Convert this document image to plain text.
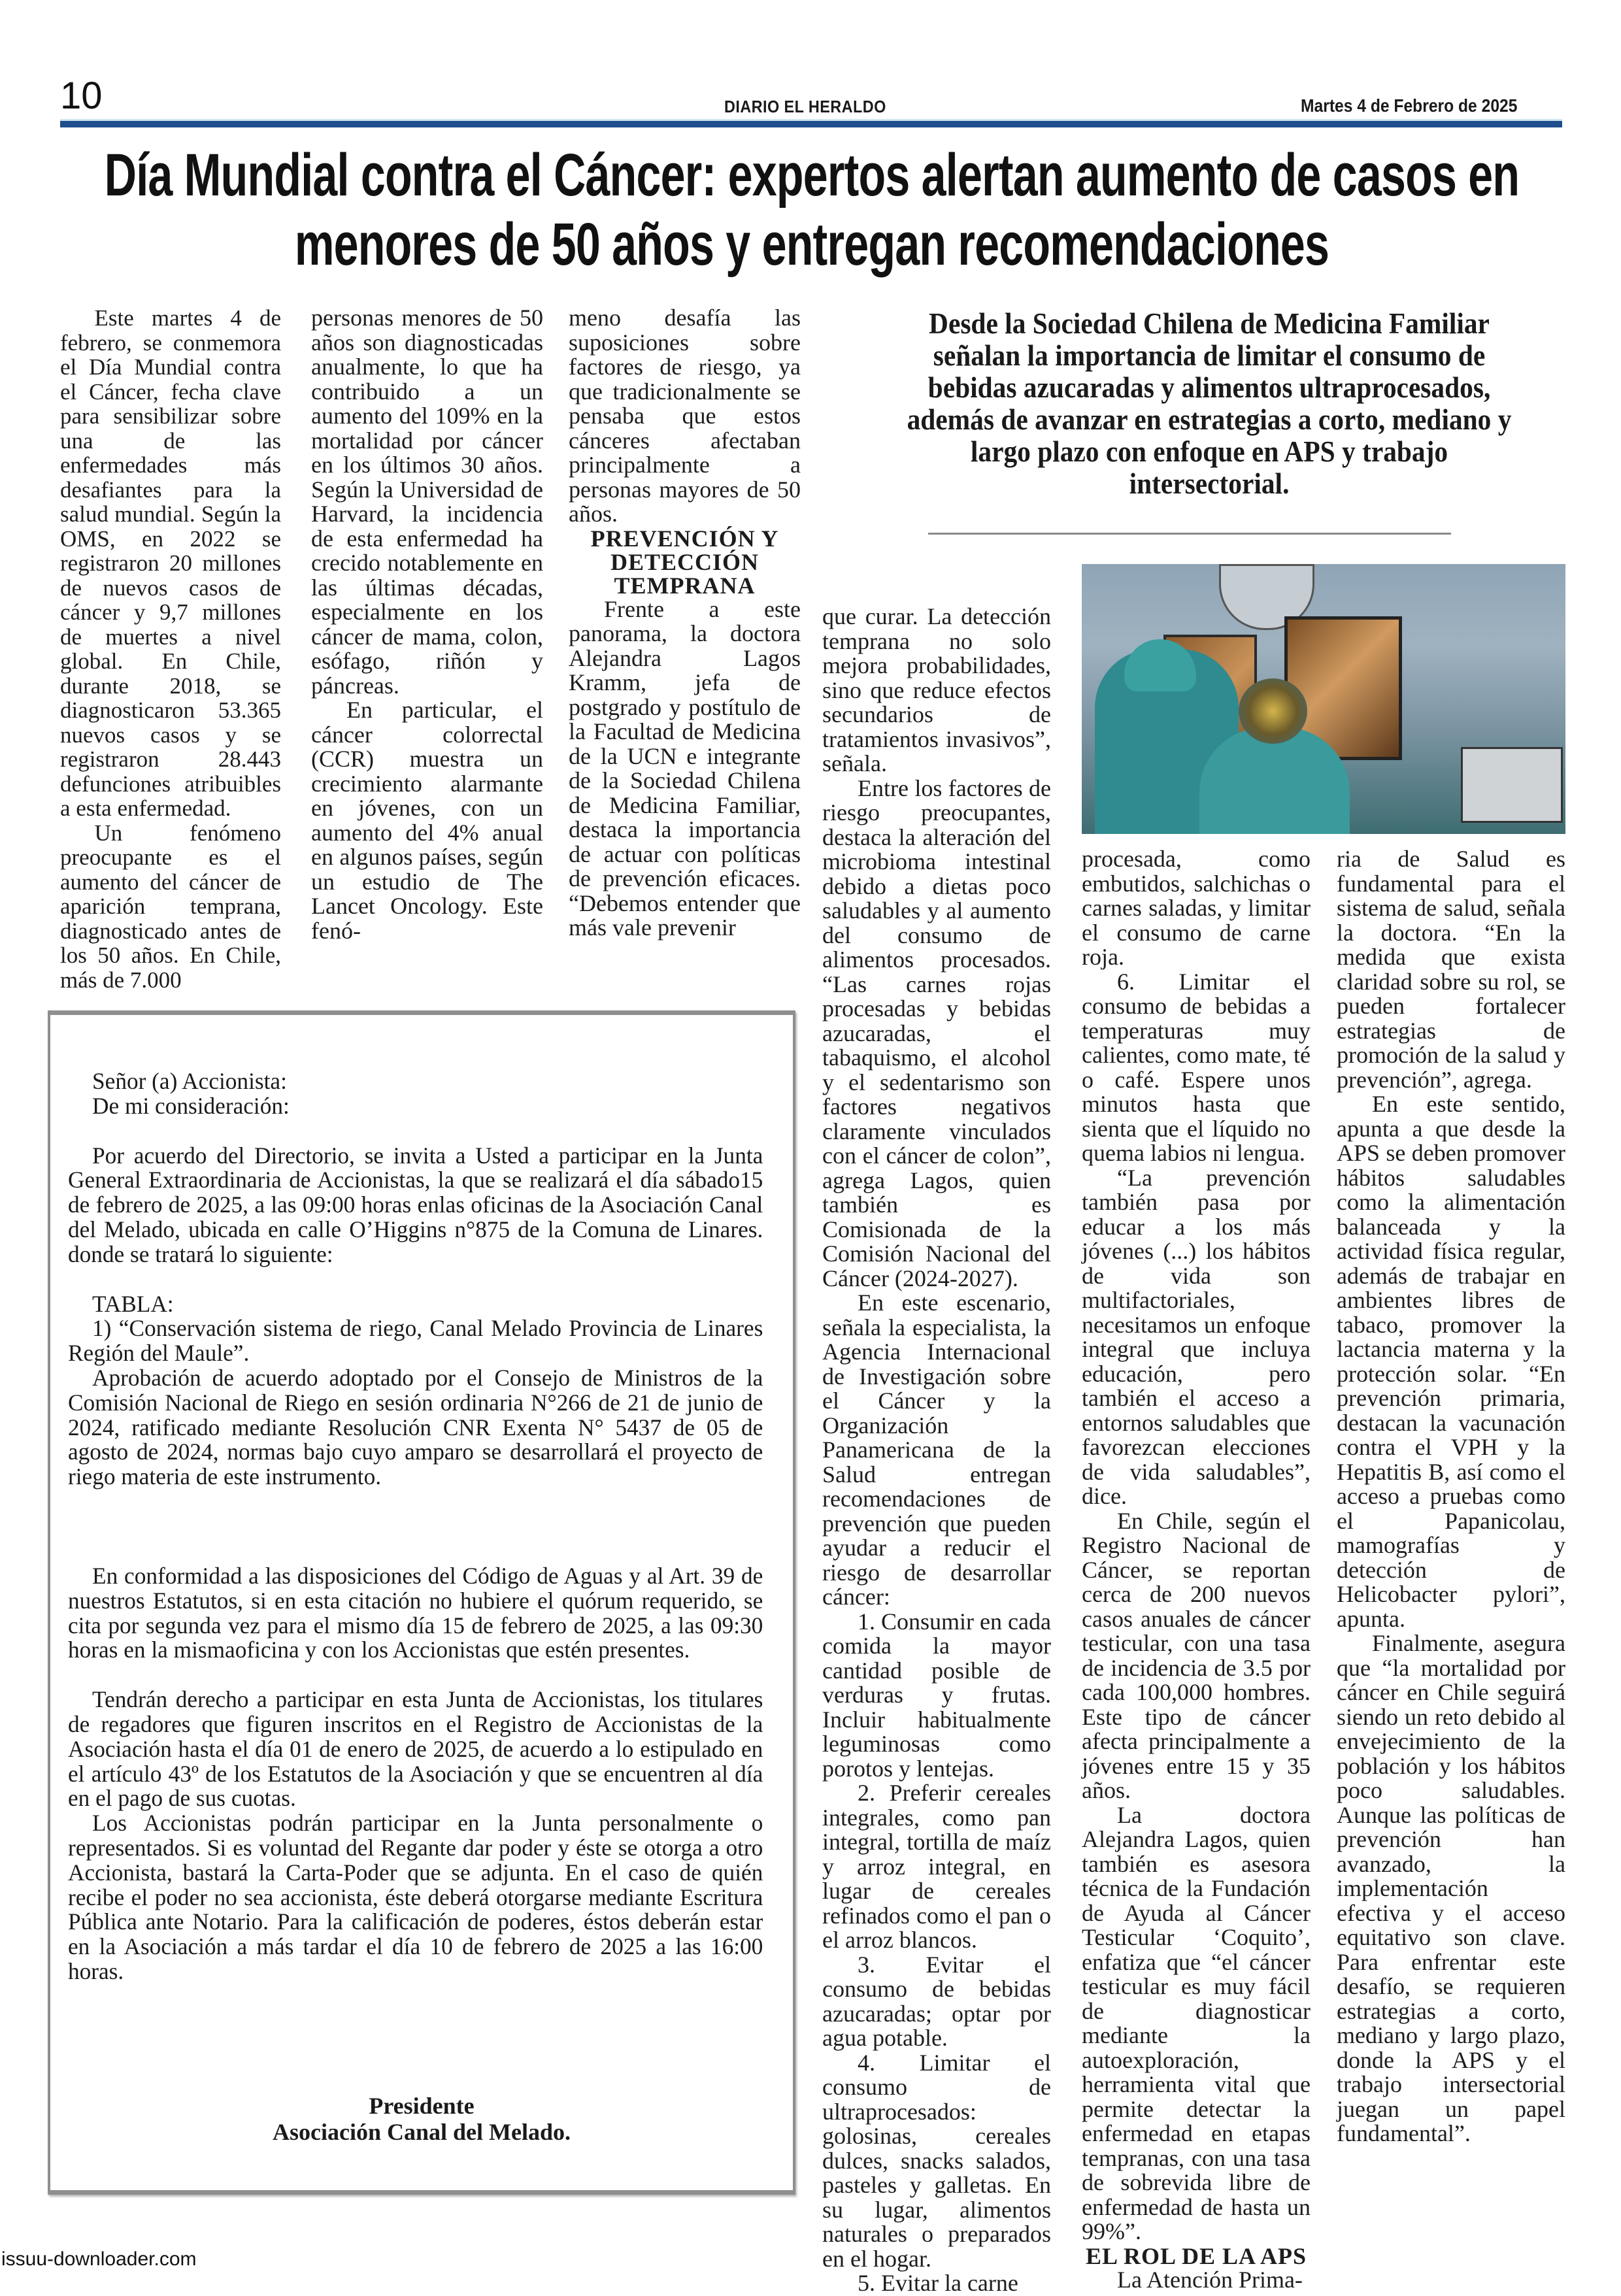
10	DIARIO EL HERALDO	Martes 4 de Febrero de 2025
Día Mundial contra el Cáncer: expertos alertan aumento de casos en menores de 50 años y entregan recomendaciones

Este martes 4 de febrero, se conmemora el Día Mundial contra el Cáncer, fecha clave para sensibilizar sobre una de las enfermedades más desafiantes para la salud mundial. Según la OMS, en 2022 se registraron 20 millones de nuevos casos de cáncer y 9,7 millones de muertes a nivel global. En Chile, durante 2018, se diagnosticaron 53.365 nuevos casos y se registraron 28.443 defunciones atribuibles a esta enfermedad.

Un fenómeno preocupante es el aumento del cáncer de aparición temprana, diagnosticado antes de los 50 años. En Chile, más de 7.000

personas menores de 50 años son diagnosticadas anualmente, lo que ha contribuido a un aumento del 109% en la mortalidad por cáncer en los últimos 30 años. Según la Universidad de Harvard, la incidencia de esta enfermedad ha crecido notablemente en las últimas décadas, especialmente en los cáncer de mama, colon, esófago, riñón y páncreas.

En particular, el cáncer colorrectal (CCR) muestra un crecimiento alarmante en jóvenes, con un aumento del 4% anual en algunos países, según un estudio de The Lancet Oncology. Este fenó-

meno desafía las suposiciones sobre factores de riesgo, ya que tradicionalmente se pensaba que estos cánceres afectaban principalmente a personas mayores de 50 años.

PREVENCIÓN Y DETECCIÓN TEMPRANA

Frente a este panorama, la doctora Alejandra Lagos Kramm, jefa de postgrado y postítulo de la Facultad de Medicina de la UCN e integrante de la Sociedad Chilena de Medicina Familiar, destaca la importancia de actuar con políticas de prevención eficaces. “Debemos entender que más vale prevenir

Desde la Sociedad Chilena de Medicina Familiar señalan la importancia de limitar el consumo de bebidas azucaradas y alimentos ultraprocesados, además de avanzar en estrategias a corto, mediano y largo plazo con enfoque en APS y trabajo intersectorial.

que curar. La detección temprana no solo mejora probabilidades, sino que reduce efectos secundarios de tratamientos invasivos”, señala.

Entre los factores de riesgo preocupantes, destaca la alteración del microbioma intestinal debido a dietas poco saludables y al aumento del consumo de alimentos procesados. “Las carnes rojas procesadas y bebidas azucaradas, el tabaquismo, el alcohol y el sedentarismo son factores negativos claramente vinculados con el cáncer de colon”, agrega Lagos, quien también es Comisionada de la Comisión Nacional del Cáncer (2024-2027).

En este escenario, señala la especialista, la Agencia Internacional de Investigación sobre el Cáncer y la Organización Panamericana de la Salud entregan recomendaciones de prevención que pueden ayudar a reducir el riesgo de desarrollar cáncer:

1. Consumir en cada comida la mayor cantidad posible de verduras y frutas. Incluir habitualmente leguminosas como porotos y lentejas.

2. Preferir cereales integrales, como pan integral, tortilla de maíz y arroz integral, en lugar de cereales refinados como el pan o el arroz blancos.

3. Evitar el consumo de bebidas azucaradas; optar por agua potable.

4. Limitar el consumo de ultraprocesados: golosinas, cereales dulces, snacks salados, pasteles y galletas. En su lugar, alimentos naturales o preparados en el hogar.

5. Evitar la carne

procesada, como embutidos, salchichas o carnes saladas, y limitar el consumo de carne roja.

6. Limitar el consumo de bebidas a temperaturas muy calientes, como mate, té o café. Espere unos minutos hasta que sienta que el líquido no quema labios ni lengua.

“La prevención también pasa por educar a los más jóvenes (...) los hábitos de vida son multifactoriales, necesitamos un enfoque integral que incluya educación, pero también el acceso a entornos saludables que favorezcan elecciones de vida saludables”, dice.

En Chile, según el Registro Nacional de Cáncer, se reportan cerca de 200 nuevos casos anuales de cáncer testicular, con una tasa de incidencia de 3.5 por cada 100,000 hombres. Este tipo de cáncer afecta principalmente a jóvenes entre 15 y 35 años.

La doctora Alejandra Lagos, quien también es asesora técnica de la Fundación de Ayuda al Cáncer Testicular ‘Coquito’, enfatiza que “el cáncer testicular es muy fácil de diagnosticar mediante la autoexploración, herramienta vital que permite detectar la enfermedad en etapas tempranas, con una tasa de sobrevida libre de enfermedad de hasta un 99%”.

EL ROL DE LA APS

La Atención Prima-

ria de Salud es fundamental para el sistema de salud, señala la doctora. “En la medida que exista claridad sobre su rol, se pueden fortalecer estrategias de promoción de la salud y prevención”, agrega.

En este sentido, apunta a que desde la APS se deben promover hábitos saludables como la alimentación balanceada y la actividad física regular, además de trabajar en ambientes libres de tabaco, promover la lactancia materna y la protección solar. “En prevención primaria, destacan la vacunación contra el VPH y la Hepatitis B, así como el acceso a pruebas como el Papanicolau, mamografías y detección de Helicobacter pylori”, apunta.

Finalmente, asegura que “la mortalidad por cáncer en Chile seguirá siendo un reto debido al envejecimiento de la población y los hábitos poco saludables. Aunque las políticas de prevención han avanzado, la implementación efectiva y el acceso equitativo son clave. Para enfrentar este desafío, se requieren estrategias a corto, mediano y largo plazo, donde la APS y el trabajo intersectorial juegan un papel fundamental”.

Señor (a) Accionista:

De mi consideración:

Por acuerdo del Directorio, se invita a Usted a participar en la Junta General Extraordinaria de Accionistas, la que se realizará el día sábado15 de febrero de 2025, a las 09:00 horas enlas oficinas de la Asociación Canal del Melado, ubicada en calle O’Higgins n°875 de la Comuna de Linares. donde se tratará lo siguiente:

TABLA:

1) “Conservación sistema de riego, Canal Melado Provincia de Linares Región del Maule”.

Aprobación de acuerdo adoptado por el Consejo de Ministros de la Comisión Nacional de Riego en sesión ordinaria N°266 de 21 de junio de 2024, ratificado mediante Resolución CNR Exenta N° 5437 de 05 de agosto de 2024, normas bajo cuyo amparo se desarrollará el proyecto de riego materia de este instrumento.

En conformidad a las disposiciones del Código de Aguas y al Art. 39 de nuestros Estatutos, si en esta citación no hubiere el quórum requerido, se cita por segunda vez para el mismo día 15 de febrero de 2025, a las 09:30 horas en la mismaoficina y con los Accionistas que estén presentes.

Tendrán derecho a participar en esta Junta de Accionistas, los titulares de regadores que figuren inscritos en el Registro de Accionistas de la Asociación hasta el día 01 de enero de 2025, de acuerdo a lo estipulado en el artículo 43º de los Estatutos de la Asociación y que se encuentren al día en el pago de sus cuotas.

Los Accionistas podrán participar en la Junta personalmente o representados. Si es voluntad del Regante dar poder y éste se otorga a otro Accionista, bastará la Carta-Poder que se adjunta. En el caso de quién recibe el poder no sea accionista, éste deberá otorgarse mediante Escritura Pública ante Notario. Para la calificación de poderes, éstos deberán estar en la Asociación a más tardar el día 10 de febrero de 2025 a las 16:00 horas.

Presidente
Asociación Canal del Melado.
issuu-downloader.com
